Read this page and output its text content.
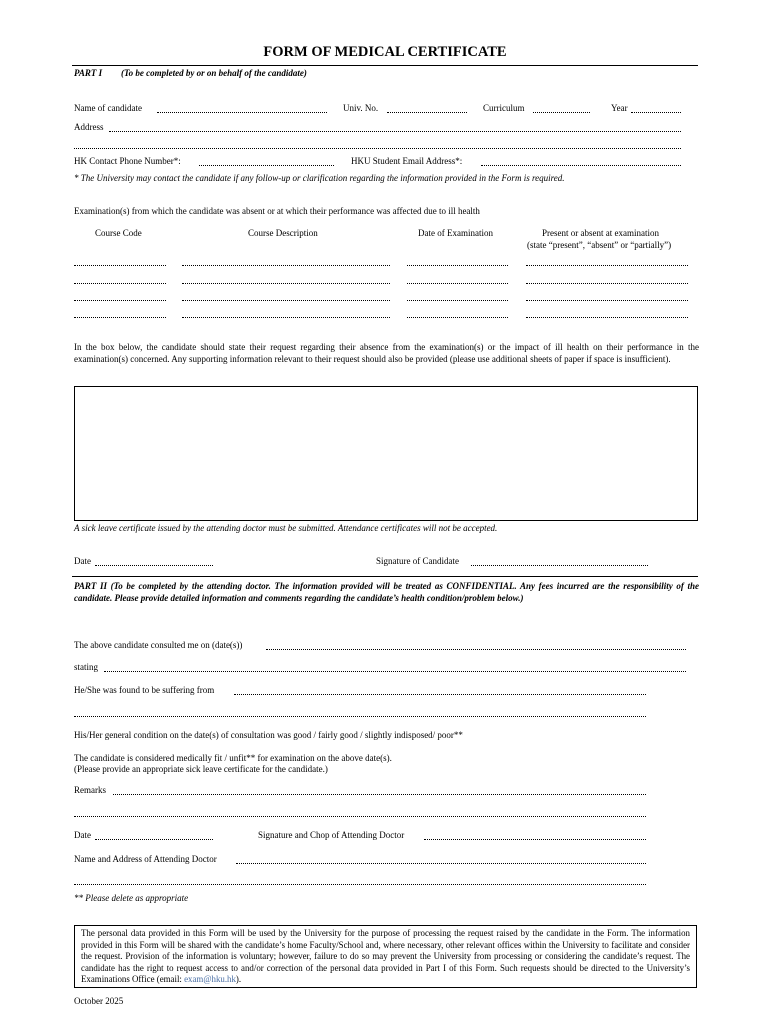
FORM OF MEDICAL CERTIFICATE
PART I (To be completed by or on behalf of the candidate)
Name of candidate	Univ. No.	Curriculum	Year
Address
HK Contact Phone Number*:	HKU Student Email Address*:
* The University may contact the candidate if any follow-up or clarification regarding the information provided in the Form is required.
Examination(s) from which the candidate was absent or at which their performance was affected due to ill health
Course Code	Course Description	Date of Examination	Present or absent at examination
(state “present”, “absent” or “partially”)
In the box below, the candidate should state their request regarding their absence from the examination(s) or the impact of ill health on their performance in the examination(s) concerned. Any supporting information relevant to their request should also be provided (please use additional sheets of paper if space is insufficient).
A sick leave certificate issued by the attending doctor must be submitted. Attendance certificates will not be accepted.
Date	Signature of Candidate
PART II (To be completed by the attending doctor. The information provided will be treated as CONFIDENTIAL. Any fees incurred are the responsibility of the candidate. Please provide detailed information and comments regarding the candidate’s health condition/problem below.)
The above candidate consulted me on (date(s))
stating
He/She was found to be suffering from
His/Her general condition on the date(s) of consultation was good / fairly good / slightly indisposed/ poor**
The candidate is considered medically fit / unfit** for examination on the above date(s).
(Please provide an appropriate sick leave certificate for the candidate.)
Remarks
Date	Signature and Chop of Attending Doctor
Name and Address of Attending Doctor
** Please delete as appropriate
The personal data provided in this Form will be used by the University for the purpose of processing the request raised by the candidate in the Form. The information provided in this Form will be shared with the candidate’s home Faculty/School and, where necessary, other relevant offices within the University to facilitate and consider the request. Provision of the information is voluntary; however, failure to do so may prevent the University from processing or considering the candidate’s request. The candidate has the right to request access to and/or correction of the personal data provided in Part I of this Form. Such requests should be directed to the University’s Examinations Office (email: exam@hku.hk).
October 2025
